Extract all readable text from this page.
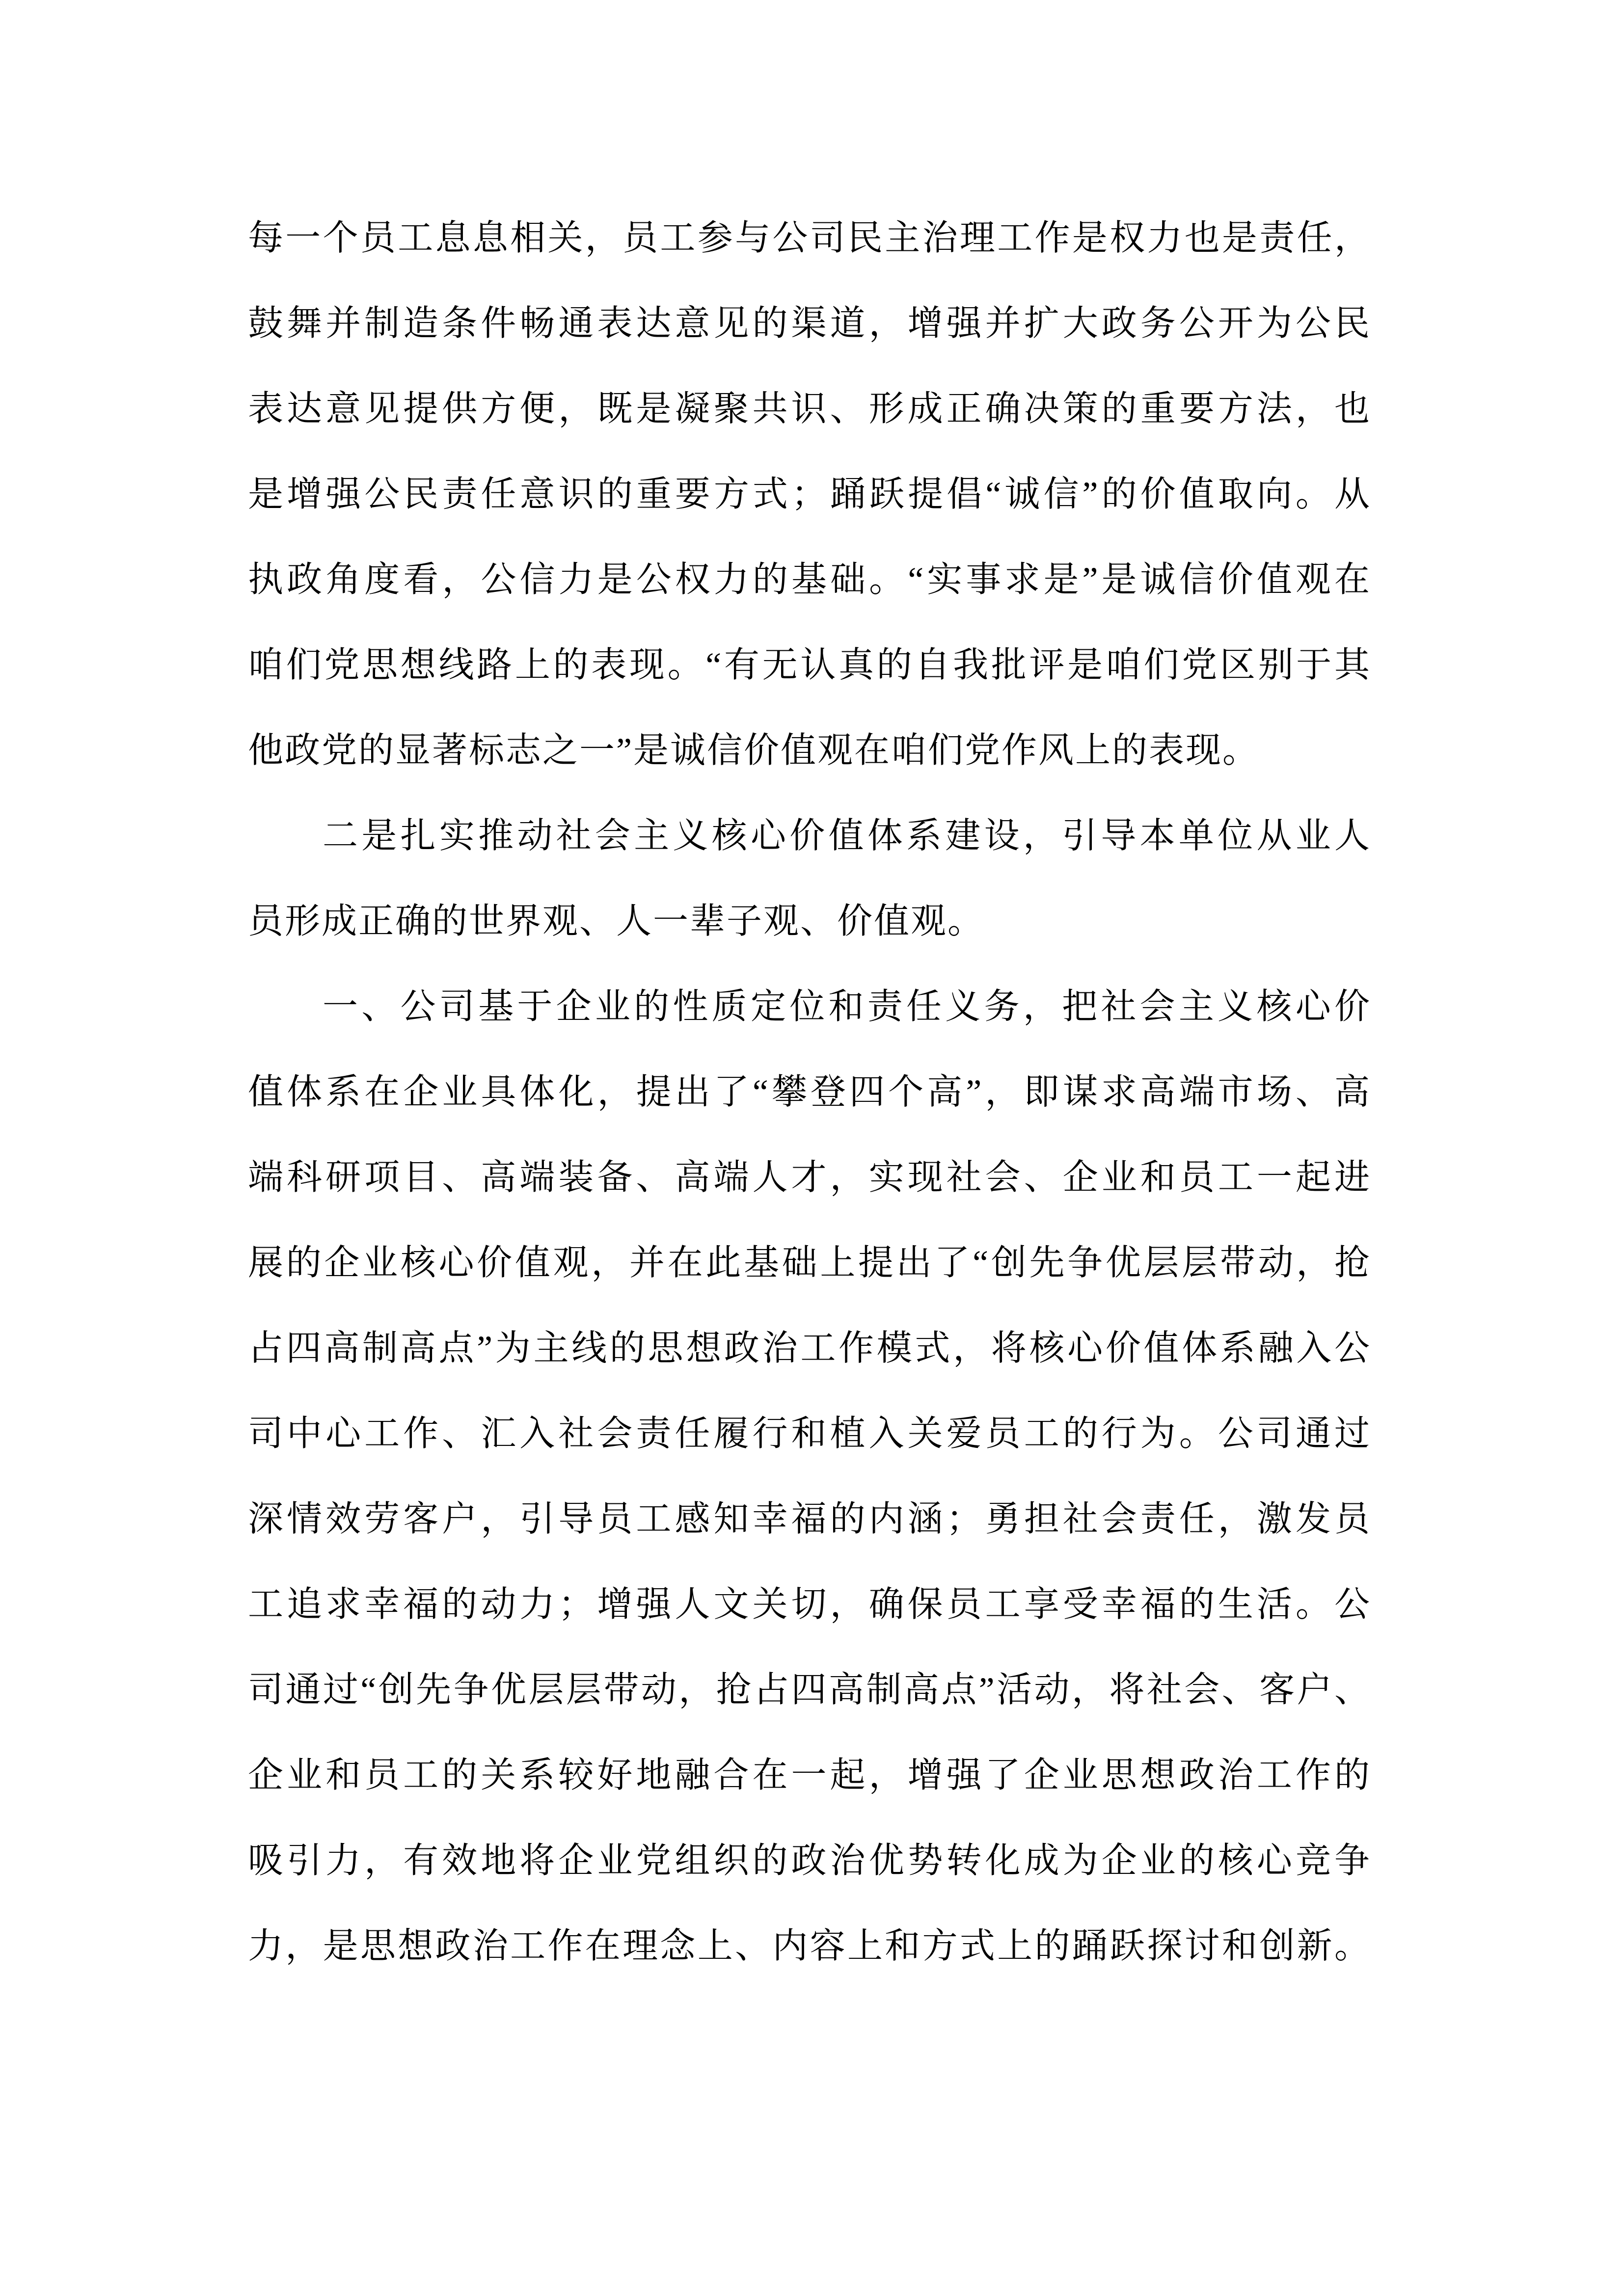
每一个员工息息相关，员工参与公司民主治理工作是权力也是责任，
鼓舞并制造条件畅通表达意见的渠道，增强并扩大政务公开为公民
表达意见提供方便，既是凝聚共识、形成正确决策的重要方法，也
是增强公民责任意识的重要方式；踊跃提倡“诚信”的价值取向。从
执政角度看，公信力是公权力的基础。“实事求是”是诚信价值观在
咱们党思想线路上的表现。“有无认真的自我批评是咱们党区别于其
他政党的显著标志之一”是诚信价值观在咱们党作风上的表现。
二是扎实推动社会主义核心价值体系建设，引导本单位从业人
员形成正确的世界观、人一辈子观、价值观。
一、公司基于企业的性质定位和责任义务，把社会主义核心价
值体系在企业具体化，提出了“攀登四个高”，即谋求高端市场、高
端科研项目、高端装备、高端人才，实现社会、企业和员工一起进
展的企业核心价值观，并在此基础上提出了“创先争优层层带动，抢
占四高制高点”为主线的思想政治工作模式，将核心价值体系融入公
司中心工作、汇入社会责任履行和植入关爱员工的行为。公司通过
深情效劳客户，引导员工感知幸福的内涵；勇担社会责任，激发员
工追求幸福的动力；增强人文关切，确保员工享受幸福的生活。公
司通过“创先争优层层带动，抢占四高制高点”活动，将社会、客户、
企业和员工的关系较好地融合在一起，增强了企业思想政治工作的
吸引力，有效地将企业党组织的政治优势转化成为企业的核心竞争
力，是思想政治工作在理念上、内容上和方式上的踊跃探讨和创新。
